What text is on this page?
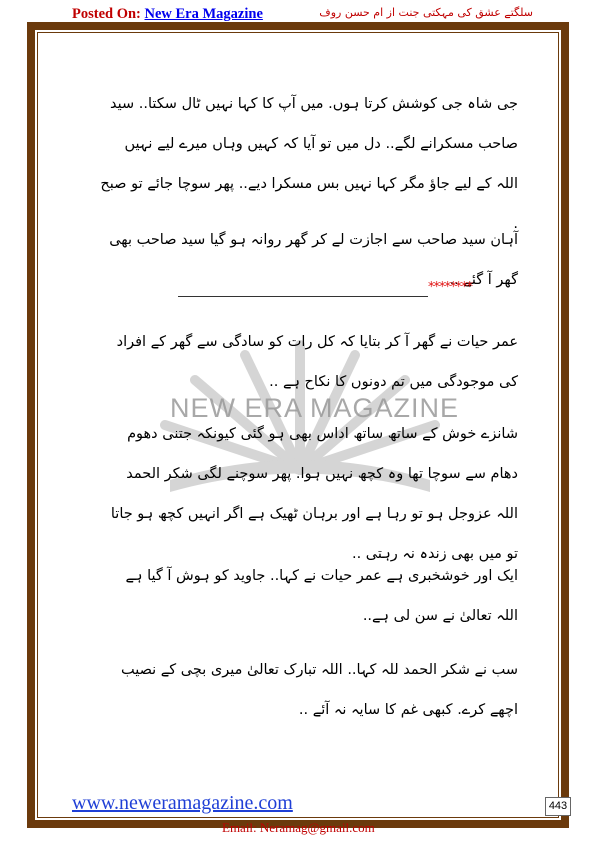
Posted On: New Era Magazine	سلگتے عشق کی مہکتی جنت از ام حسن روف
NEW ERA MAGAZINE

جی شاہ جی کوشش کرتا ہوں. میں آپ کا کہا نہیں ٹال سکتا.. سید صاحب مسکرانے لگے.. دل میں تو آیا کہ کہیں وہاں میرے لیے نہیں اللہ کے لیے جاؤ مگر کہا نہیں بس مسکرا دیے.. پھر سوچا جائے تو صبح .

آہان سید صاحب سے اجازت لے کر گھر روانہ ہو گیا سید صاحب بھی گھر آ گئے ..

********

عمر حیات نے گھر آ کر بتایا کہ کل رات کو سادگی سے گھر کے افراد کی موجودگی میں تم دونوں کا نکاح ہے ..

شانزے خوش کے ساتھ ساتھ اداس بھی ہو گئی کیونکہ جتنی دھوم دھام سے سوچا تھا وہ کچھ نہیں ہوا. پھر سوچنے لگی شکر الحمد اللہ عزوجل ہو تو رہا ہے اور برہان ٹھیک ہے اگر انہیں کچھ ہو جاتا تو میں بھی زندہ نہ رہتی ..

ایک اور خوشخبری ہے عمر حیات نے کہا.. جاوید کو ہوش آ گیا ہے اللہ تعالیٰ نے سن لی ہے..

سب نے شکر الحمد للہ کہا.. اللہ تبارک تعالیٰ میری بچی کے نصیب اچھے کرے. کبھی غم کا سایہ نہ آئے ..

www.neweramagazine.com	443
Email: Neramag@gmail.com
